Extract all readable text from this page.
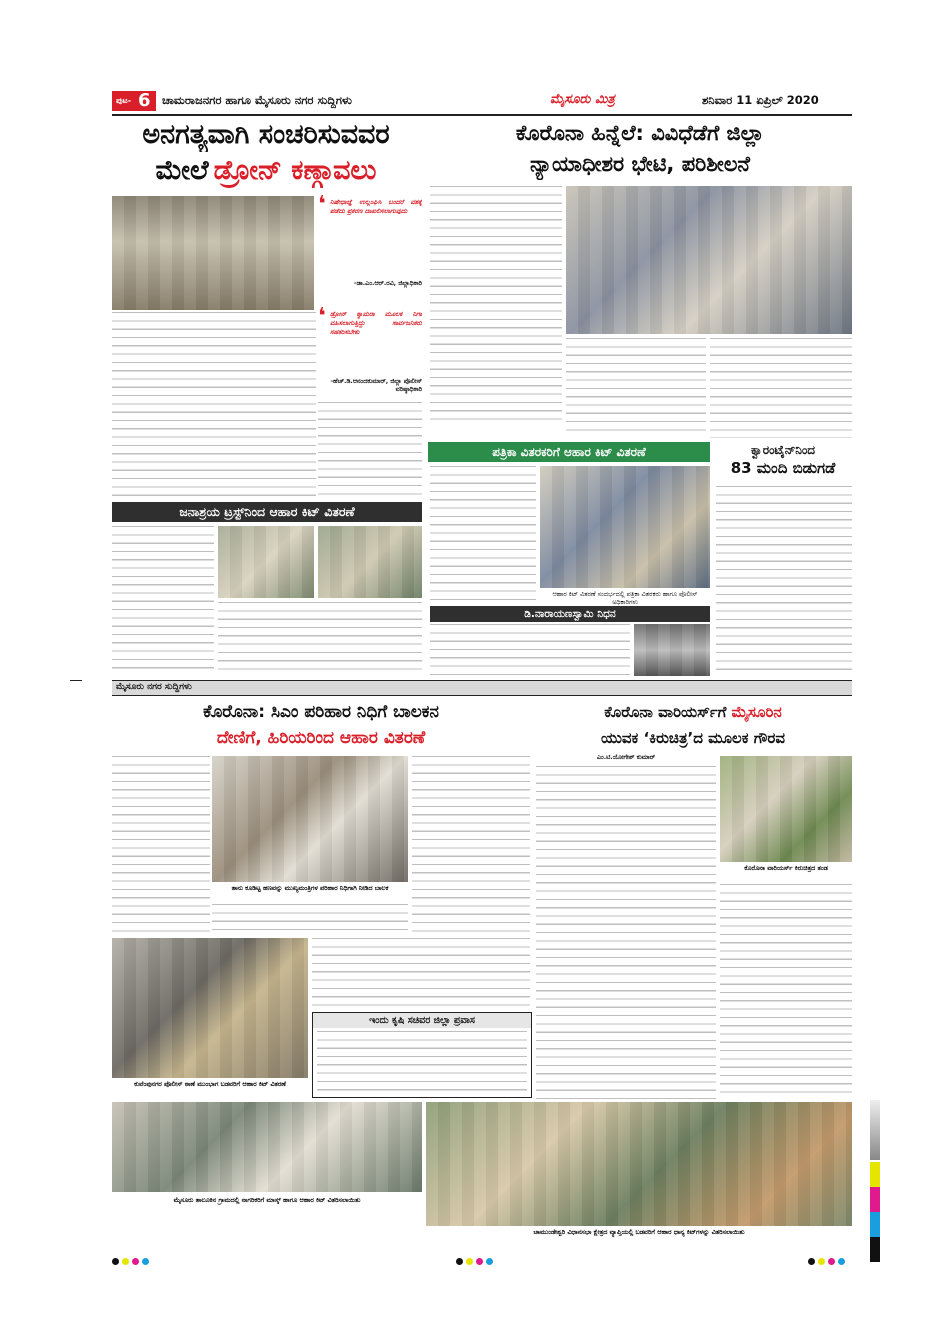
ಪುಟ- 6 ಚಾಮರಾಜನಗರ ಹಾಗೂ ಮೈಸೂರು ನಗರ ಸುದ್ದಿಗಳು	ಮೈಸೂರು ಮಿತ್ರ	ಶನಿವಾರ 11 ಏಪ್ರಿಲ್ 2020
ಅನಗತ್ಯವಾಗಿ ಸಂಚರಿಸುವವರ
ಮೇಲೆ ಡ್ರೋನ್ ಕಣ್ಗಾವಲು
❛ ನಿಷೇಧಾಜ್ಞೆ ಉಲ್ಲಂಘಿಸಿ ಬಂದರೆ ವಶಕ್ಕೆ ಪಡೆದು ಪ್ರಕರಣ ದಾಖಲಿಸಲಾಗುವುದು
-ಡಾ.ಎಂ.ಆರ್.ರವಿ, ಜಿಲ್ಲಾಧಿಕಾರಿ
❛ ಡ್ರೋನ್ ಕ್ಯಾಮರಾ ಮೂಲಕ ನಿಗಾ ವಹಿಸಲಾಗುತ್ತಿದ್ದು ಸಾರ್ವಜನಿಕರು ಸಹಕರಿಸಬೇಕು
-ಹೆಚ್.ಡಿ.ಆನಂದಕುಮಾರ್, ಜಿಲ್ಲಾ ಪೊಲೀಸ್ ವರಿಷ್ಠಾಧಿಕಾರಿ
ಕೊರೊನಾ ಹಿನ್ನೆಲೆ: ವಿವಿಧೆಡೆಗೆ ಜಿಲ್ಲಾ
ನ್ಯಾಯಾಧೀಶರ ಭೇಟಿ, ಪರಿಶೀಲನೆ
ಜನಾಶ್ರಯ ಟ್ರಸ್ಟ್‌ನಿಂದ ಆಹಾರ ಕಿಟ್ ವಿತರಣೆ
ಪತ್ರಿಕಾ ವಿತರಕರಿಗೆ ಆಹಾರ ಕಿಟ್ ವಿತರಣೆ
ಆಹಾರ ಕಿಟ್ ವಿತರಣೆ ಸಂದರ್ಭದಲ್ಲಿ ಪತ್ರಿಕಾ ವಿತರಕರು ಹಾಗೂ ಪೊಲೀಸ್ ಅಧಿಕಾರಿಗಳು
ಕ್ವಾರಂಟೈನ್‌ನಿಂದ
83 ಮಂದಿ ಬಿಡುಗಡೆ
ಡಿ.ನಾರಾಯಣಸ್ವಾಮಿ ನಿಧನ
ಮೈಸೂರು ನಗರ ಸುದ್ದಿಗಳು
ಕೊರೊನಾ: ಸಿಎಂ ಪರಿಹಾರ ನಿಧಿಗೆ ಬಾಲಕನ
ದೇಣಿಗೆ, ಹಿರಿಯರಿಂದ ಆಹಾರ ವಿತರಣೆ
ತಾನು ಕೂಡಿಟ್ಟ ಹಣವನ್ನು ಮುಖ್ಯಮಂತ್ರಿಗಳ ಪರಿಹಾರ ನಿಧಿಗಾಗಿ ನೀಡಿದ ಬಾಲಕ
ಕುವೆಂಪುನಗರ ಪೊಲೀಸ್ ಠಾಣೆ ಮುಂಭಾಗ ಬಡವರಿಗೆ ಆಹಾರ ಕಿಟ್ ವಿತರಣೆ
ಇಂದು ಕೃಷಿ ಸಚಿವರ ಜಿಲ್ಲಾ ಪ್ರವಾಸ
ಕೊರೊನಾ ವಾರಿಯರ್ಸ್‌ಗೆ ಮೈಸೂರಿನ
ಯುವಕ ‘ಕಿರುಚಿತ್ರ’ದ ಮೂಲಕ ಗೌರವ
ಎಂ.ಟಿ.ಯೋಗೇಶ್ ಕುಮಾರ್
ಕೊರೊನಾ ವಾರಿಯರ್ಸ್ ಕಿರುಚಿತ್ರದ ತಂಡ
ಮೈಸೂರು ತಾಲೂಕಿನ ಗ್ರಾಮದಲ್ಲಿ ನಾಗರಿಕರಿಗೆ ಮಾಸ್ಕ್ ಹಾಗೂ ಆಹಾರ ಕಿಟ್ ವಿತರಿಸಲಾಯಿತು
ಚಾಮುಂಡೇಶ್ವರಿ ವಿಧಾನಸಭಾ ಕ್ಷೇತ್ರದ ವ್ಯಾಪ್ತಿಯಲ್ಲಿ ಬಡವರಿಗೆ ಆಹಾರ ಧಾನ್ಯ ಕಿಟ್‌ಗಳನ್ನು ವಿತರಿಸಲಾಯಿತು
